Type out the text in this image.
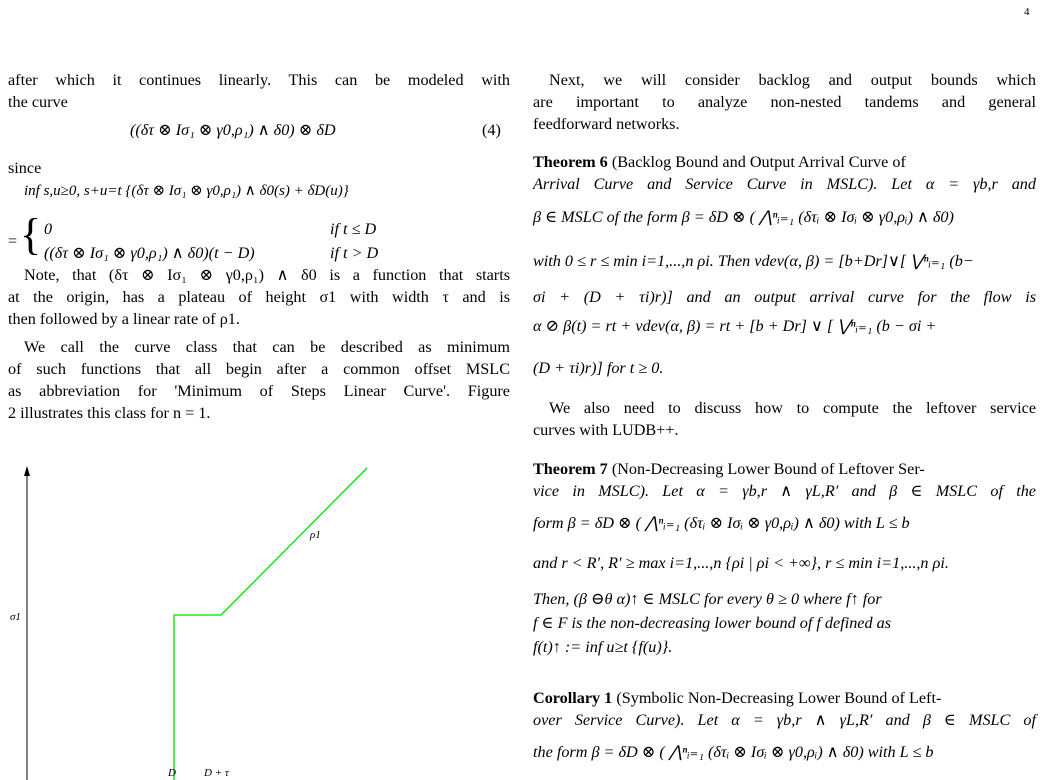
4
after which it continues linearly. This can be modeled with
the curve
((δτ ⊗ Iσ₁ ⊗ γ0,ρ₁) ∧ δ0) ⊗ δD	(4)
since
inf s,u≥0, s+u=t {(δτ ⊗ Iσ₁ ⊗ γ0,ρ₁) ∧ δ0(s) + δD(u)}
= { 0	if t ≤ D
((δτ ⊗ Iσ₁ ⊗ γ0,ρ₁) ∧ δ0)(t − D)	if t > D
Note, that (δτ ⊗ Iσ₁ ⊗ γ0,ρ₁) ∧ δ0 is a function that starts
at the origin, has a plateau of height σ1 with width τ and is
then followed by a linear rate of ρ1.
We call the curve class that can be described as minimum
of such functions that all begin after a common offset MSLC
as abbreviation for 'Minimum of Steps Linear Curve'. Figure
2 illustrates this class for n = 1.
ρ1
σ1
D	D + τ
Next, we will consider backlog and output bounds which
are important to analyze non-nested tandems and general
feedforward networks.
Theorem 6 (Backlog Bound and Output Arrival Curve of
Arrival Curve and Service Curve in MSLC). Let α = γb,r and
β ∈ MSLC of the form β = δD ⊗ ( ⋀ⁿᵢ₌₁ (δτᵢ ⊗ Iσᵢ ⊗ γ0,ρᵢ) ∧ δ0)
with 0 ≤ r ≤ min i=1,...,n ρi. Then vdev(α, β) = [b+Dr]∨[ ⋁ⁿᵢ₌₁ (b−
σi + (D + τi)r)] and an output arrival curve for the flow is
α ⊘ β(t) = rt + vdev(α, β) = rt + [b + Dr] ∨ [ ⋁ⁿᵢ₌₁ (b − σi +
(D + τi)r)] for t ≥ 0.
We also need to discuss how to compute the leftover service
curves with LUDB++.
Theorem 7 (Non-Decreasing Lower Bound of Leftover Ser-
vice in MSLC). Let α = γb,r ∧ γL,R′ and β ∈ MSLC of the
form β = δD ⊗ ( ⋀ⁿᵢ₌₁ (δτᵢ ⊗ Iσᵢ ⊗ γ0,ρᵢ) ∧ δ0) with L ≤ b
and r < R′, R′ ≥ max i=1,...,n {ρi | ρi < +∞}, r ≤ min i=1,...,n ρi.
Then, (β ⊖θ α)↑ ∈ MSLC for every θ ≥ 0 where f↑ for
f ∈ F is the non-decreasing lower bound of f defined as
f(t)↑ := inf u≥t {f(u)}.
Corollary 1 (Symbolic Non-Decreasing Lower Bound of Left-
over Service Curve). Let α = γb,r ∧ γL,R′ and β ∈ MSLC of
the form β = δD ⊗ ( ⋀ⁿᵢ₌₁ (δτᵢ ⊗ Iσᵢ ⊗ γ0,ρᵢ) ∧ δ0) with L ≤ b
